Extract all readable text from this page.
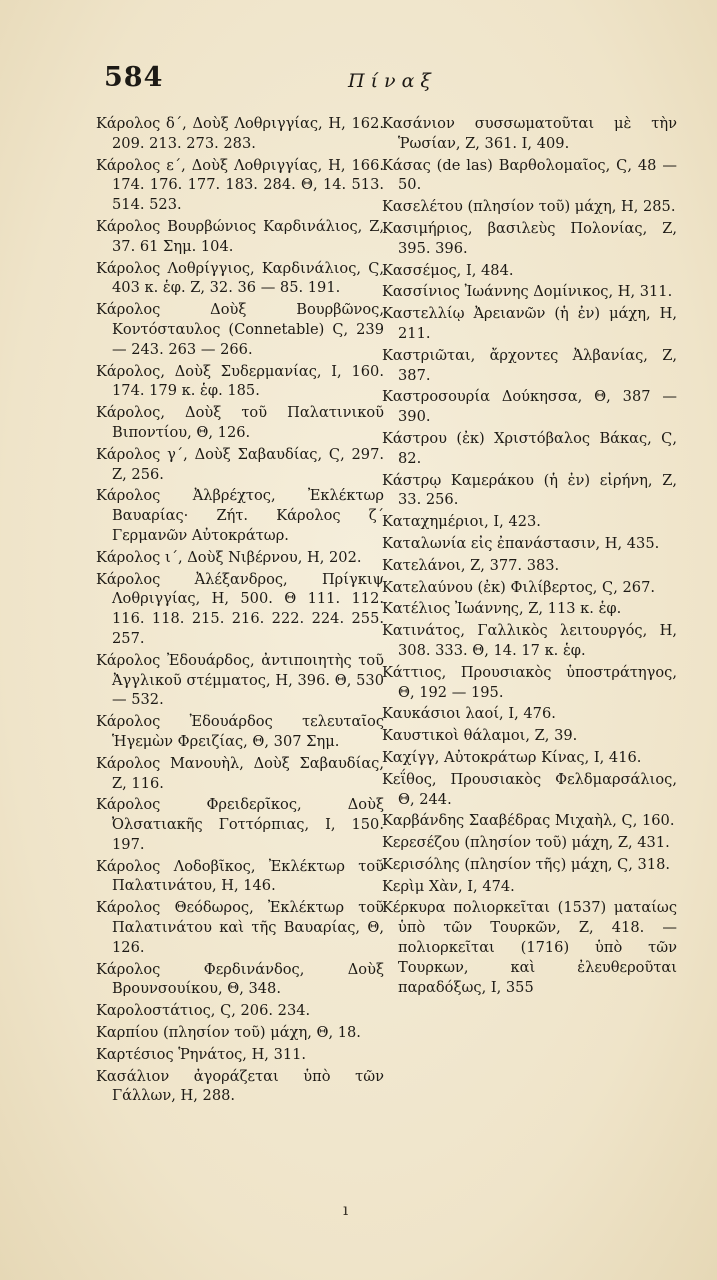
584	Πίναξ
Κάρολος δ΄, Δοὺξ Λοθριγγίας, Η, 162. 209. 213. 273. 283.
Κάρολος ε΄, Δοὺξ Λοθριγγίας, Η, 166. 174. 176. 177. 183. 284. Θ, 14. 513. 514. 523.
Κάρολος Βουρβώνιος Καρδινάλιος, Ζ, 37. 61 Σημ. 104.
Κάρολος Λοθρίγγιος, Καρδινάλιος, Ϛ, 403 κ. ἑφ. Ζ, 32. 36 — 85. 191.
Κάρολος Δοὺξ Βουρβῶνος, Κοντόσταυλος (Connetable) Ϛ, 239 — 243. 263 — 266.
Κάρολος, Δοὺξ Συδερμανίας, Ι, 160. 174. 179 κ. ἑφ. 185.
Κάρολος, Δοὺξ τοῦ Παλατινικοῦ Βιποντίου, Θ, 126.
Κάρολος γ΄, Δοὺξ Σαβαυδίας, Ϛ, 297. Ζ, 256.
Κάρολος Ἀλβρέχτος, Ἐκλέκτωρ Βαυαρίας· Ζήτ. Κάρολος ζ΄ Γερμανῶν Αὐτοκράτωρ.
Κάρολος ι΄, Δοὺξ Νιβέρνου, Η, 202.
Κάρολος Ἀλέξανδρος, Πρίγκιψ Λοθριγγίας, Η, 500. Θ 111. 112. 116. 118. 215. 216. 222. 224. 255. 257.
Κάρολος Ἐδουάρδος, ἀντιποιητὴς τοῦ Ἀγγλικοῦ στέμματος, Η, 396. Θ, 530 — 532.
Κάρολος Ἐδουάρδος τελευταῖος Ἡγεμὼν Φρειζίας, Θ, 307 Σημ.
Κάρολος Μανουὴλ, Δοὺξ Σαβαυδίας, Ζ, 116.
Κάρολος Φρειδερῖκος, Δοὺξ Ὀλσατιακῆς Γοττόρπιας, Ι, 150. 197.
Κάρολος Λοδοβῖκος, Ἐκλέκτωρ τοῦ Παλατινάτου, Η, 146.
Κάρολος Θεόδωρος, Ἐκλέκτωρ τοῦ Παλατινάτου καὶ τῆς Βαυαρίας, Θ, 126.
Κάρολος Φερδινάνδος, Δοὺξ Βρουνσουίκου, Θ, 348.
Καρολοστάτιος, Ϛ, 206. 234.
Καρπίου (πλησίον τοῦ) μάχη, Θ, 18.
Καρτέσιος Ῥηνάτος, Η, 311.
Κασάλιον ἀγοράζεται ὑπὸ τῶν Γάλλων, Η, 288.
Κασάνιον συσσωματοῦται μὲ τὴν Ῥωσίαν, Ζ, 361. Ι, 409.
Κάσας (de las) Βαρθολομαῖος, Ϛ, 48 — 50.
Κασελέτου (πλησίον τοῦ) μάχη, Η, 285.
Κασιμήριος, βασιλεὺς Πολονίας, Ζ, 395. 396.
Κασσέμος, Ι, 484.
Κασσίνιος Ἰωάννης Δομίνικος, Η, 311.
Καστελλίῳ Ἀρειανῶν (ἡ ἐν) μάχη, Η, 211.
Καστριῶται, ἄρχοντες Ἀλβανίας, Ζ, 387.
Καστροσουρία Δούκησσα, Θ, 387 — 390.
Κάστρου (ἐκ) Χριστόβαλος Βάκας, Ϛ, 82.
Κάστρῳ Καμεράκου (ἡ ἐν) εἰρήνη, Ζ, 33. 256.
Καταχημέριοι, Ι, 423.
Καταλωνία εἰς ἐπανάστασιν, Η, 435.
Κατελάνοι, Ζ, 377. 383.
Κατελαύνου (ἐκ) Φιλίβερτος, Ϛ, 267.
Κατέλιος Ἰωάννης, Ζ, 113 κ. ἑφ.
Κατινάτος, Γαλλικὸς λειτουργός, Η, 308. 333. Θ, 14. 17 κ. ἑφ.
Κάττιος, Προυσιακὸς ὑποστράτηγος, Θ, 192 — 195.
Καυκάσιοι λαοί, Ι, 476.
Καυστικοὶ θάλαμοι, Ζ, 39.
Καχίγγ, Αὐτοκράτωρ Κίνας, Ι, 416.
Κεΐθος, Προυσιακὸς Φελδμαρσάλιος, Θ, 244.
Καρβάνδης Σααβέδρας Μιχαὴλ, Ϛ, 160.
Κερεσέζου (πλησίον τοῦ) μάχη, Ζ, 431.
Κερισόλης (πλησίον τῆς) μάχη, Ϛ, 318.
Κερὶμ Χὰν, Ι, 474.
Κέρκυρα πολιορκεῖται (1537) ματαίως ὑπὸ τῶν Τουρκῶν, Ζ, 418. — πολιορκεῖται (1716) ὑπὸ τῶν Τουρκων, καὶ ἐλευθεροῦται παραδόξως, Ι, 355
ı
